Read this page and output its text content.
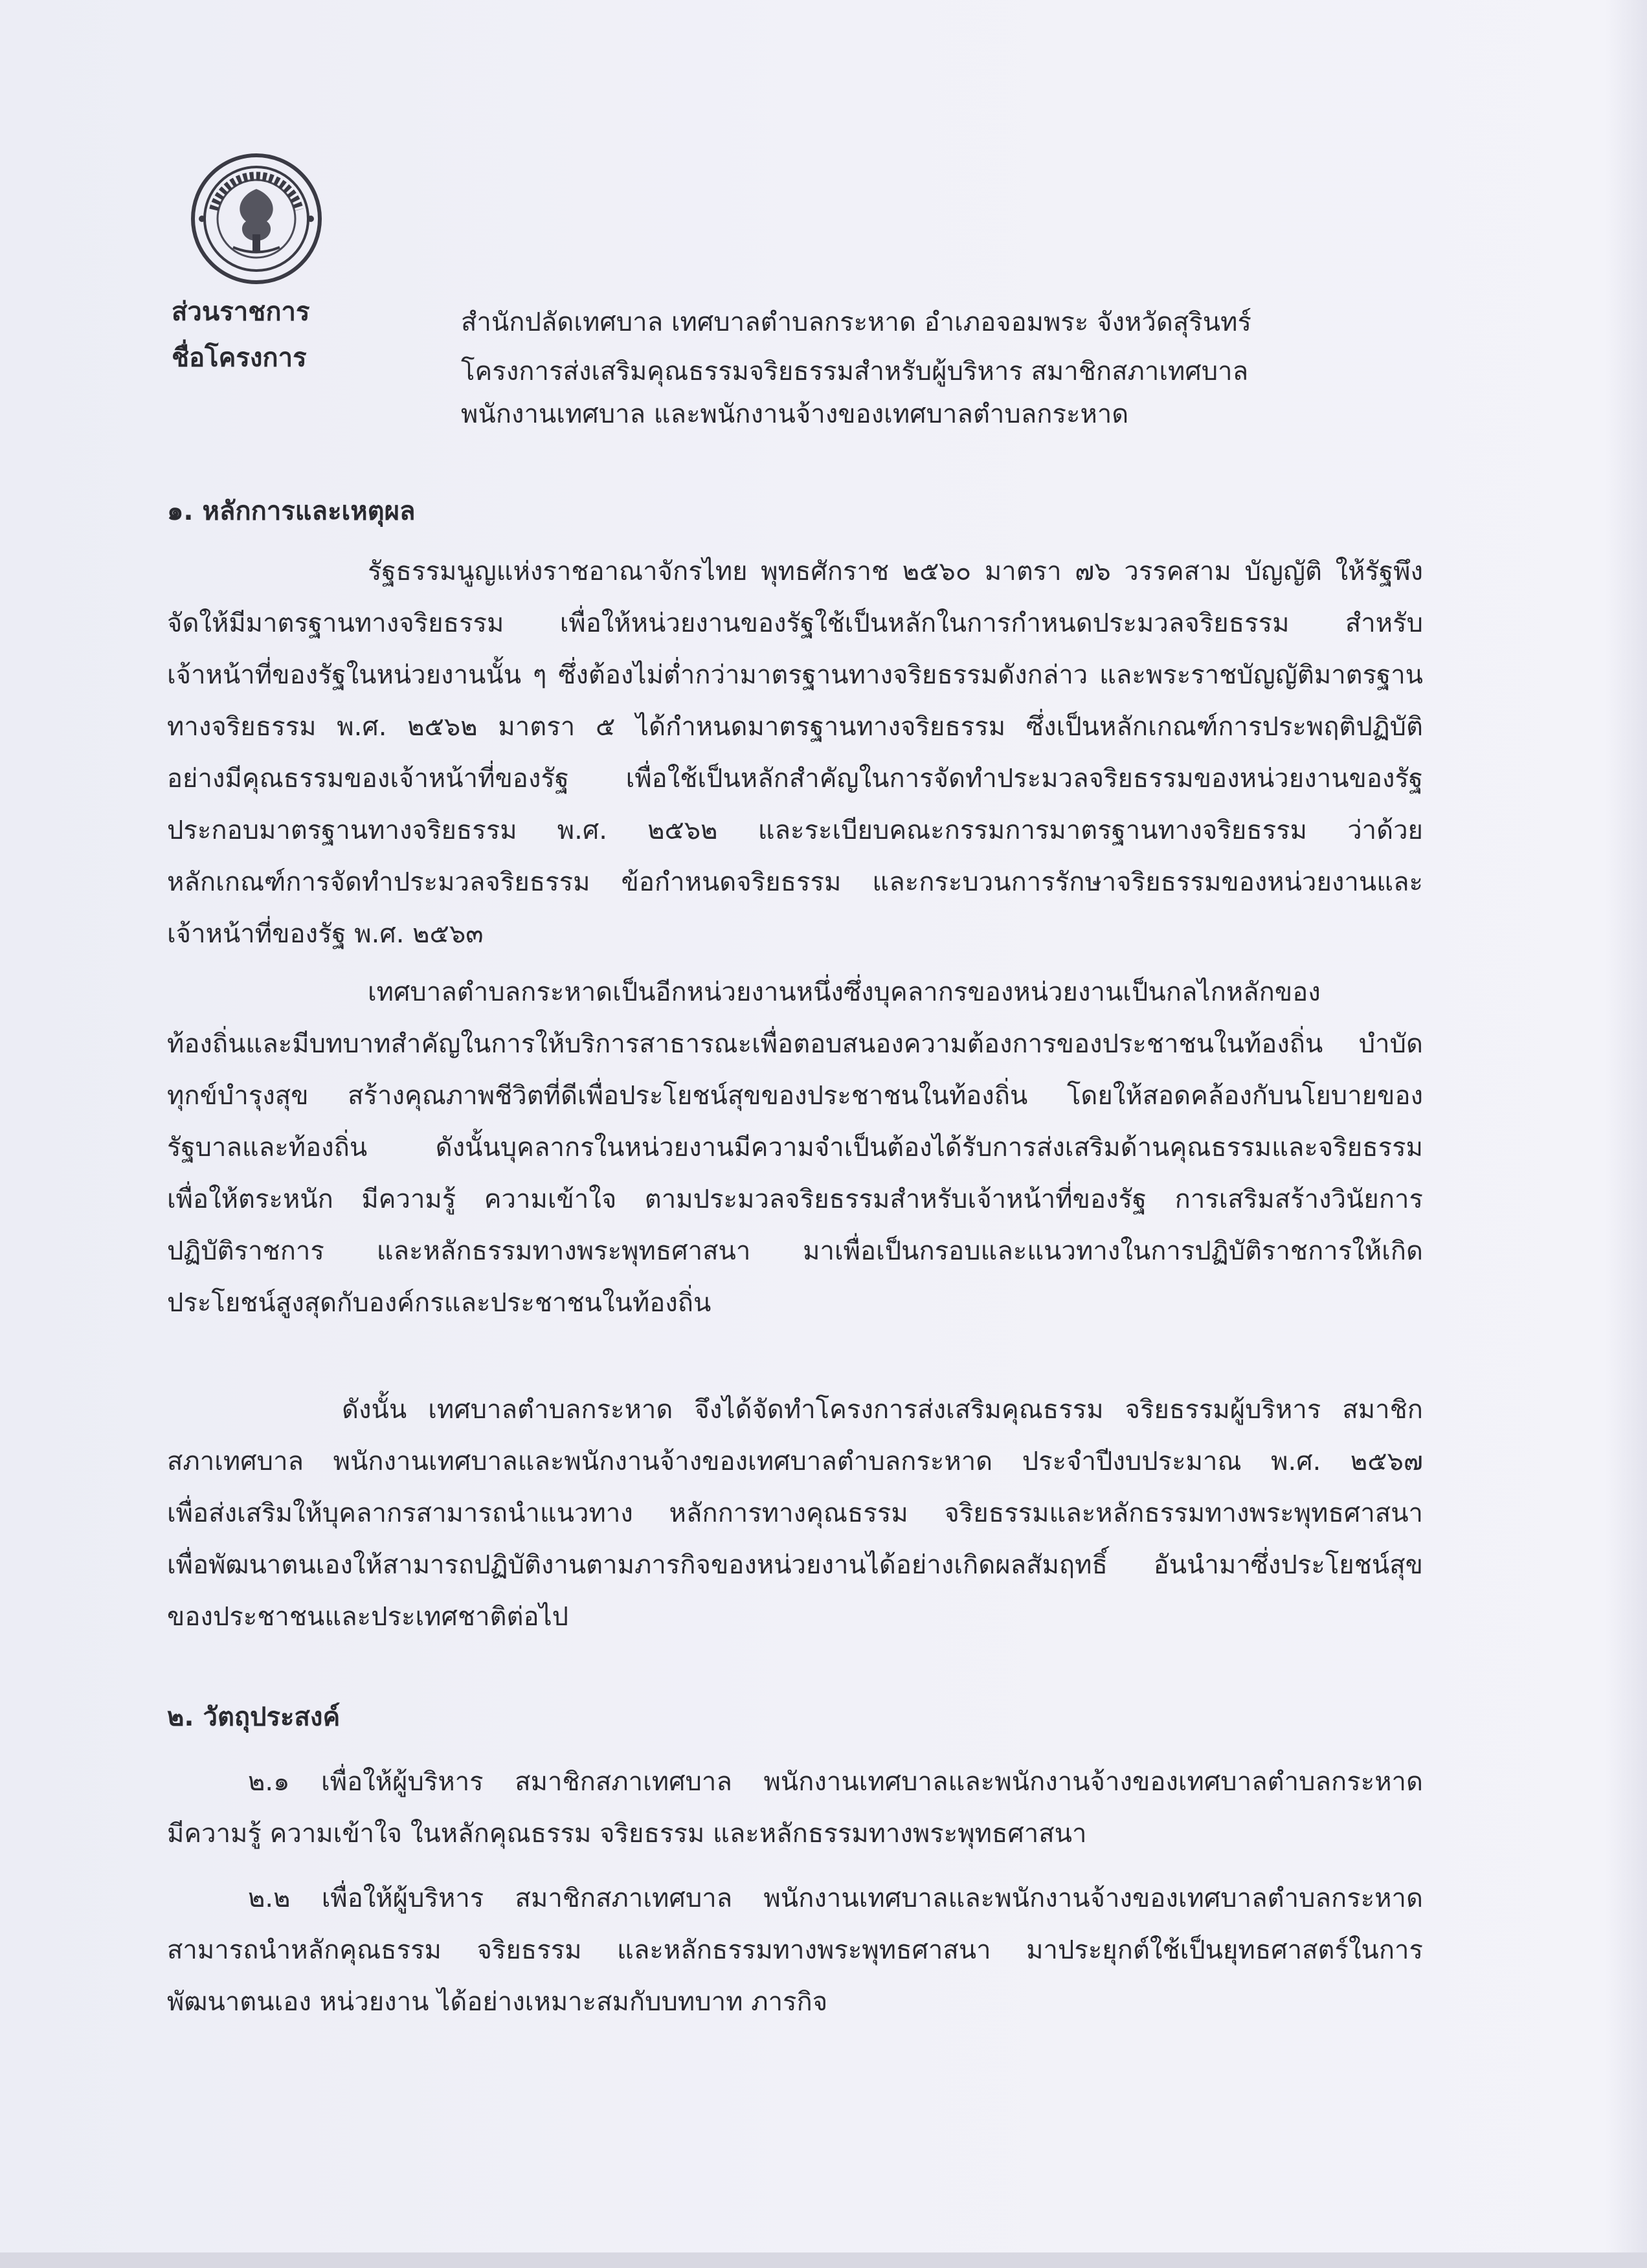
ส่วนราชการ	สำนักปลัดเทศบาล เทศบาลตำบลกระหาด อำเภอจอมพระ จังหวัดสุรินทร์
ชื่อโครงการ	โครงการส่งเสริมคุณธรรมจริยธรรมสำหรับผู้บริหาร สมาชิกสภาเทศบาล
พนักงานเทศบาล และพนักงานจ้างของเทศบาลตำบลกระหาด
๑. หลักการและเหตุผล
รัฐธรรมนูญแห่งราชอาณาจักรไทย พุทธศักราช ๒๕๖๐ มาตรา ๗๖ วรรคสาม บัญญัติ ให้รัฐพึง
จัดให้มีมาตรฐานทางจริยธรรม เพื่อให้หน่วยงานของรัฐใช้เป็นหลักในการกำหนดประมวลจริยธรรม สำหรับ
เจ้าหน้าที่ของรัฐในหน่วยงานนั้น ๆ ซึ่งต้องไม่ต่ำกว่ามาตรฐานทางจริยธรรมดังกล่าว และพระราชบัญญัติมาตรฐาน
ทางจริยธรรม พ.ศ. ๒๕๖๒ มาตรา ๕ ได้กำหนดมาตรฐานทางจริยธรรม ซึ่งเป็นหลักเกณฑ์การประพฤติปฏิบัติ
อย่างมีคุณธรรมของเจ้าหน้าที่ของรัฐ เพื่อใช้เป็นหลักสำคัญในการจัดทำประมวลจริยธรรมของหน่วยงานของรัฐ
ประกอบมาตรฐานทางจริยธรรม พ.ศ. ๒๕๖๒ และระเบียบคณะกรรมการมาตรฐานทางจริยธรรม ว่าด้วย
หลักเกณฑ์การจัดทำประมวลจริยธรรม ข้อกำหนดจริยธรรม และกระบวนการรักษาจริยธรรมของหน่วยงานและ
เจ้าหน้าที่ของรัฐ พ.ศ. ๒๕๖๓
เทศบาลตำบลกระหาดเป็นอีกหน่วยงานหนึ่งซึ่งบุคลากรของหน่วยงานเป็นกลไกหลักของ
ท้องถิ่นและมีบทบาทสำคัญในการให้บริการสาธารณะเพื่อตอบสนองความต้องการของประชาชนในท้องถิ่น บำบัด
ทุกข์บำรุงสุข สร้างคุณภาพชีวิตที่ดีเพื่อประโยชน์สุขของประชาชนในท้องถิ่น โดยให้สอดคล้องกับนโยบายของ
รัฐบาลและท้องถิ่น ดังนั้นบุคลากรในหน่วยงานมีความจำเป็นต้องได้รับการส่งเสริมด้านคุณธรรมและจริยธรรม
เพื่อให้ตระหนัก มีความรู้ ความเข้าใจ ตามประมวลจริยธรรมสำหรับเจ้าหน้าที่ของรัฐ การเสริมสร้างวินัยการ
ปฏิบัติราชการ และหลักธรรมทางพระพุทธศาสนา มาเพื่อเป็นกรอบและแนวทางในการปฏิบัติราชการให้เกิด
ประโยชน์สูงสุดกับองค์กรและประชาชนในท้องถิ่น
ดังนั้น เทศบาลตำบลกระหาด จึงได้จัดทำโครงการส่งเสริมคุณธรรม จริยธรรมผู้บริหาร สมาชิก
สภาเทศบาล พนักงานเทศบาลและพนักงานจ้างของเทศบาลตำบลกระหาด ประจำปีงบประมาณ พ.ศ. ๒๕๖๗
เพื่อส่งเสริมให้บุคลากรสามารถนำแนวทาง หลักการทางคุณธรรม จริยธรรมและหลักธรรมทางพระพุทธศาสนา
เพื่อพัฒนาตนเองให้สามารถปฏิบัติงานตามภารกิจของหน่วยงานได้อย่างเกิดผลสัมฤทธิ์ อันนำมาซึ่งประโยชน์สุข
ของประชาชนและประเทศชาติต่อไป
๒. วัตถุประสงค์
๒.๑ เพื่อให้ผู้บริหาร สมาชิกสภาเทศบาล พนักงานเทศบาลและพนักงานจ้างของเทศบาลตำบลกระหาด
มีความรู้ ความเข้าใจ ในหลักคุณธรรม จริยธรรม และหลักธรรมทางพระพุทธศาสนา
๒.๒ เพื่อให้ผู้บริหาร สมาชิกสภาเทศบาล พนักงานเทศบาลและพนักงานจ้างของเทศบาลตำบลกระหาด
สามารถนำหลักคุณธรรม จริยธรรม และหลักธรรมทางพระพุทธศาสนา มาประยุกต์ใช้เป็นยุทธศาสตร์ในการ
พัฒนาตนเอง หน่วยงาน ได้อย่างเหมาะสมกับบทบาท ภารกิจ
